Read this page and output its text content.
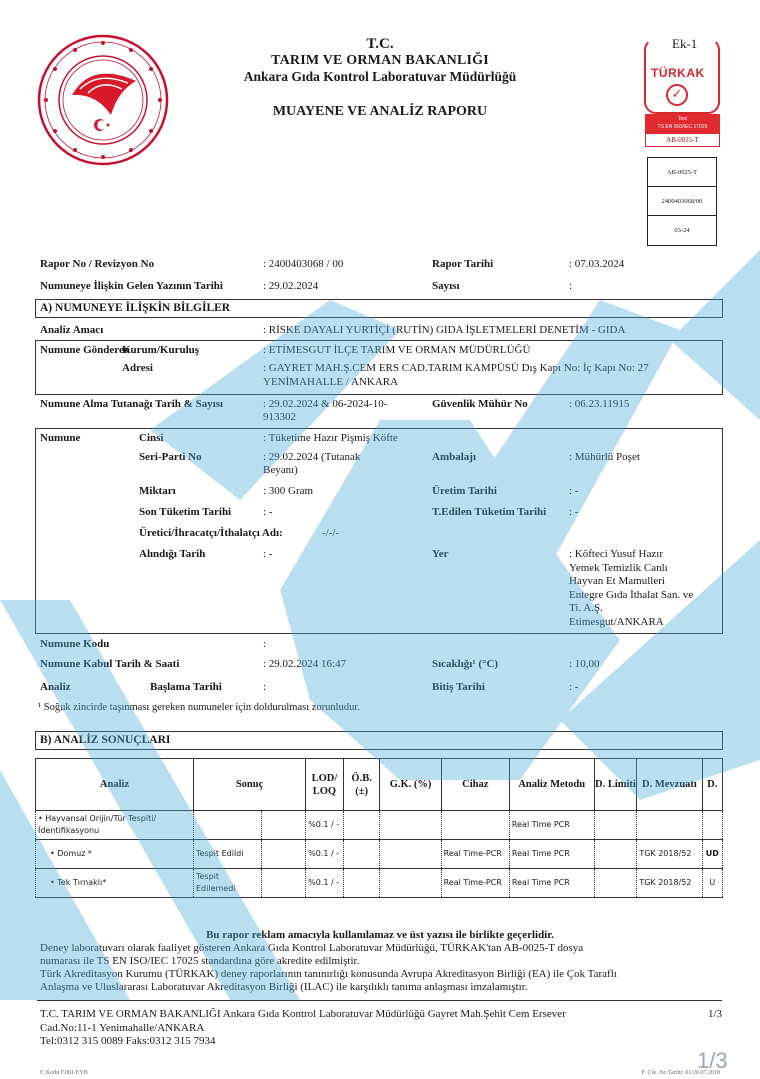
T.C.
TARIM VE ORMAN BAKANLIĞI
Ankara Gıda Kontrol Laboratuvar Müdürlüğü
MUAYENE VE ANALİZ RAPORU
Ek-1
TÜRKAK
✓
Test
TS EN ISO/IEC 17025
AB-0025-T
AB-0025-T
2400403068/00
03-24
Rapor No / Revizyon No	: 2400403068 / 00	Rapor Tarihi	: 07.03.2024
Numuneye İlişkin Gelen Yazının Tarihi	: 29.02.2024	Sayısı	:
A) NUMUNEYE İLİŞKİN BİLGİLER
Analiz Amacı	: RİSKE DAYALI YURTİÇİ (RUTİN) GIDA İŞLETMELERİ DENETİM - GIDA
Numune Gönderen
Kurum/Kuruluş	: ETİMESGUT İLÇE TARIM VE ORMAN MÜDÜRLÜĞÜ
Adresi	: GAYRET MAH.Ş.CEM ERS CAD.TARIM KAMPÜSÜ Dış Kapı No: İç Kapı No: 27
YENİMAHALLE / ANKARA
Numune Alma Tutanağı Tarih & Sayısı	: 29.02.2024 & 06-2024-10-
913302
Güvenlik Mühür No	: 06.23.11915
Numune	Cinsi	: Tüketime Hazır Pişmiş Köfte
Seri-Parti No	: 29.02.2024 (Tutanak
Beyanı)
Ambalajı	: Mühürlü Poşet
Miktarı	: 300 Gram	Üretim Tarihi	: -
Son Tüketim Tarihi	: -	T.Edilen Tüketim Tarihi : -
Üretici/İhracatçı/İthalatçı Adı:	-/-/-
Alındığı Tarih	: -	Yer	: Köfteci Yusuf Hazır
Yemek Temizlik Canlı
Hayvan Et Mamulleri
Entegre Gıda İthalat San. ve
Ti. A.Ş.
Etimesgut/ANKARA
Numune Kodu	:
Numune Kabul Tarih & Saati	: 29.02.2024 16:47	Sıcaklığı¹ (°C)	: 10,00
Analiz	Başlama Tarihi	:	Bitiş Tarihi	: -
¹ Soğuk zincirde taşınması gereken numuneler için doldurulması zorunludur.
B) ANALİZ SONUÇLARI
Analiz	Sonuç		LOD/ LOQ	Ö.B. (±)	G.K. (%)	Cihaz	Analiz Metodu	D. Limiti	D. Mevzuatı	D.
• Hayvansal Orijin/Tür Tespiti/İdentifikasyonu			%0.1 / -				Real Time PCR			
• Domuz *	Tespit Edildi		%0.1 / -			Real Time-PCR	Real Time PCR		TGK 2018/52	UD
• Tek Tırnaklı*	Tespit Edilemedi		%0.1 / -			Real Time-PCR	Real Time PCR		TGK 2018/52	U
Bu rapor reklam amacıyla kullanılamaz ve üst yazısı ile birlikte geçerlidir.
Deney laboratuvarı olarak faaliyet gösteren Ankara Gıda Kontrol Laboratuvar Müdürlüğü, TÜRKAK'tan AB-0025-T dosya
numarası ile TS EN ISO/IEC 17025 standardına göre akredite edilmiştir.
Türk Akreditasyon Kurumu (TÜRKAK) deney raporlarının tanınırlığı konusunda Avrupa Akreditasyon Birliği (EA) ile Çok Taraflı
Anlaşma ve Uluslararası Laboratuvar Akreditasyon Birliği (ILAC) ile karşılıklı tanıma anlaşması imzalamıştır.
T.C. TARIM VE ORMAN BAKANLIĞI Ankara Gıda Kontrol Laboratuvar Müdürlüğü Gayret Mah.Şehit Cem Ersever
Cad.No:11-1 Yenimahalle/ANKARA
Tel:0312 315 0089 Faks:0312 315 7934
1/3
1/3
F. Kodu F.081/EYB	F. Çık. No Tarihi: 01/20.07.2018
